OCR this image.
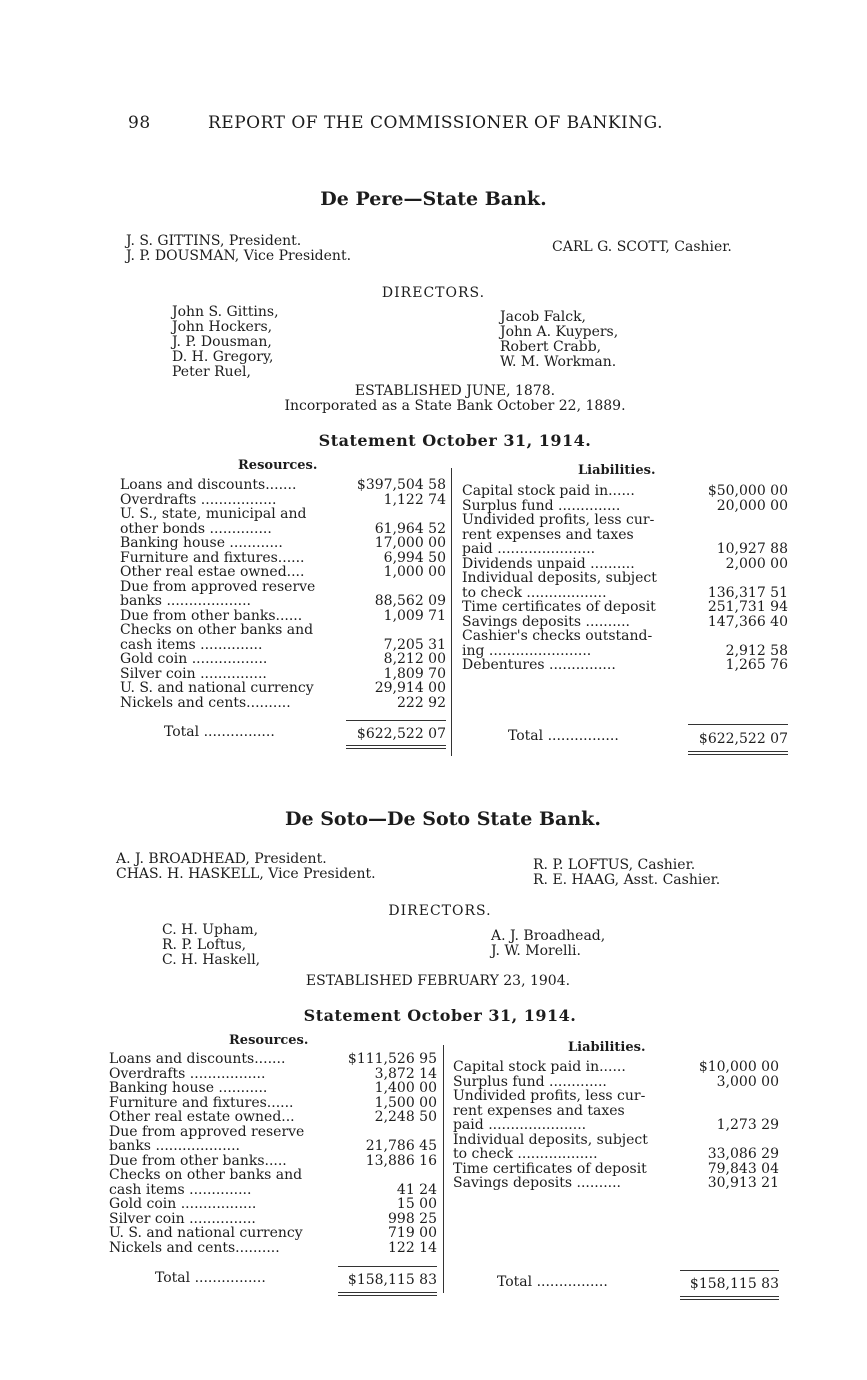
98	REPORT OF THE COMMISSIONER OF BANKING.
De Pere—State Bank.
J. S. GITTINS, President.
J. P. DOUSMAN, Vice President.
CARL G. SCOTT, Cashier.
DIRECTORS.
John S. Gittins,
John Hockers,
J. P. Dousman,
D. H. Gregory,
Peter Ruel,
Jacob Falck,
John A. Kuypers,
Robert Crabb,
W. M. Workman.
ESTABLISHED JUNE, 1878.
Incorporated as a State Bank October 22, 1889.
Statement October 31, 1914.
Resources.	Liabilities.
Loans and discounts.......	$397,504 58
Overdrafts .................	1,122 74
U. S., state, municipal and
other bonds ..............	61,964 52
Banking house ............	17,000 00
Furniture and fixtures......	6,994 50
Other real estae owned....	1,000 00
Due from approved reserve
banks ...................	88,562 09
Due from other banks......	1,009 71
Checks on other banks and
cash items ..............	7,205 31
Gold coin .................	8,212 00
Silver coin ...............	1,809 70
U. S. and national currency	29,914 00
Nickels and cents..........	222 92
Capital stock paid in......	$50,000 00
Surplus fund ..............	20,000 00
Undivided profits, less cur-
rent expenses and taxes
paid ......................	10,927 88
Dividends unpaid ..........	2,000 00
Individual deposits, subject
to check ..................	136,317 51
Time certificates of deposit	251,731 94
Savings deposits ..........	147,366 40
Cashier's checks outstand-
ing .......................	2,912 58
Debentures ...............	1,265 76
Total ................	$622,522 07	Total ................	$622,522 07
De Soto—De Soto State Bank.
A. J. BROADHEAD, President.
CHAS. H. HASKELL, Vice President.
R. P. LOFTUS, Cashier.
R. E. HAAG, Asst. Cashier.
DIRECTORS.
C. H. Upham,
R. P. Loftus,
C. H. Haskell,
A. J. Broadhead,
J. W. Morelli.
ESTABLISHED FEBRUARY 23, 1904.
Statement October 31, 1914.
Resources.	Liabilities.
Loans and discounts.......	$111,526 95
Overdrafts .................	3,872 14
Banking house ...........	1,400 00
Furniture and fixtures......	1,500 00
Other real estate owned...	2,248 50
Due from approved reserve
banks ...................	21,786 45
Due from other banks.....	13,886 16
Checks on other banks and
cash items ..............	41 24
Gold coin .................	15 00
Silver coin ...............	998 25
U. S. and national currency	719 00
Nickels and cents..........	122 14
Capital stock paid in......	$10,000 00
Surplus fund .............	3,000 00
Undivided profits, less cur-
rent expenses and taxes
paid ......................	1,273 29
Individual deposits, subject
to check ..................	33,086 29
Time certificates of deposit	79,843 04
Savings deposits ..........	30,913 21
Total ................	$158,115 83	Total ................	$158,115 83
